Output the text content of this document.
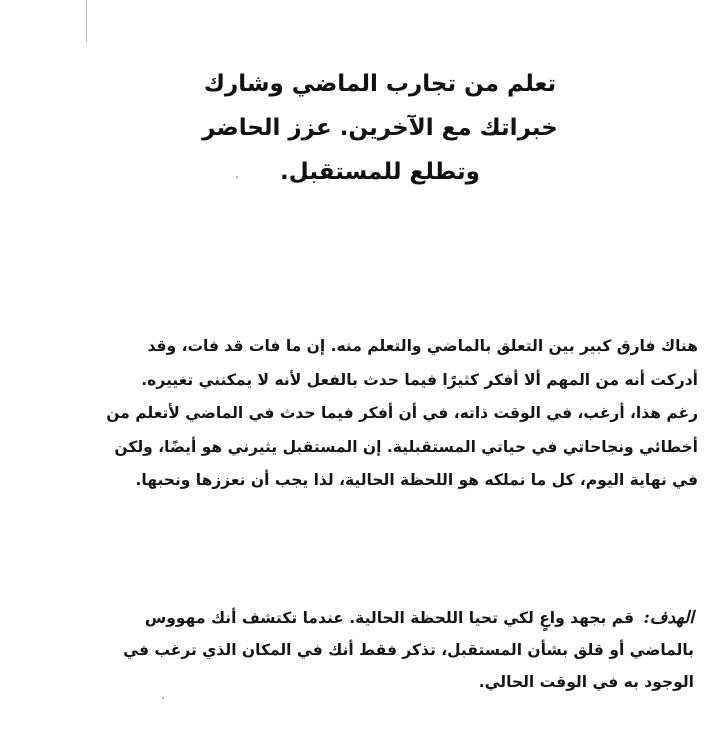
تعلم من تجارب الماضي وشارك
خبراتك مع الآخرين. عزز الحاضر
وتطلع للمستقبل.
هناك فارق كبير بين التعلق بالماضي والتعلم منه. إن ما فات قد فات، وقد
أدركت أنه من المهم ألا أفكر كثيرًا فيما حدث بالفعل لأنه لا يمكنني تغييره.
رغم هذا، أرغب، في الوقت ذاته، في أن أفكر فيما حدث في الماضي لأتعلم من
أخطائي ونجاحاتي في حياتي المستقبلية. إن المستقبل يثيرني هو أيضًا، ولكن
في نهاية اليوم، كل ما نملكه هو اللحظة الحالية، لذا يجب أن نعززها ونحبها.
الهدف: قم بجهد واعٍ لكي تحيا اللحظة الحالية. عندما تكتشف أنك مهووس
بالماضي أو قلق بشأن المستقبل، تذكر فقط أنك في المكان الذي ترغب في
الوجود به في الوقت الحالي.
